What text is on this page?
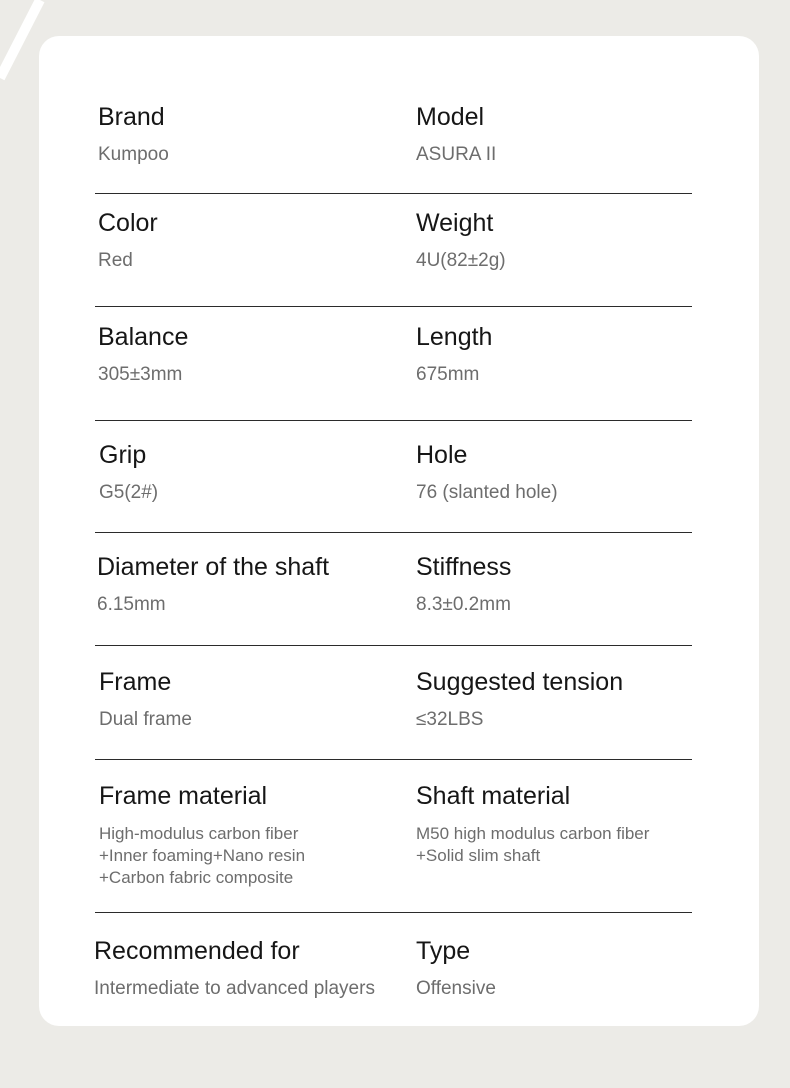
Brand
Kumpoo
Model
ASURA II
Color
Red
Weight
4U(82±2g)
Balance
305±3mm
Length
675mm
Grip
G5(2#)
Hole
76 (slanted hole)
Diameter of the shaft
6.15mm
Stiffness
8.3±0.2mm
Frame
Dual frame
Suggested tension
≤32LBS
Frame material
High-modulus carbon fiber
+Inner foaming+Nano resin
+Carbon fabric composite
Shaft material
M50 high modulus carbon fiber
+Solid slim shaft
Recommended for
Intermediate to advanced players
Type
Offensive
